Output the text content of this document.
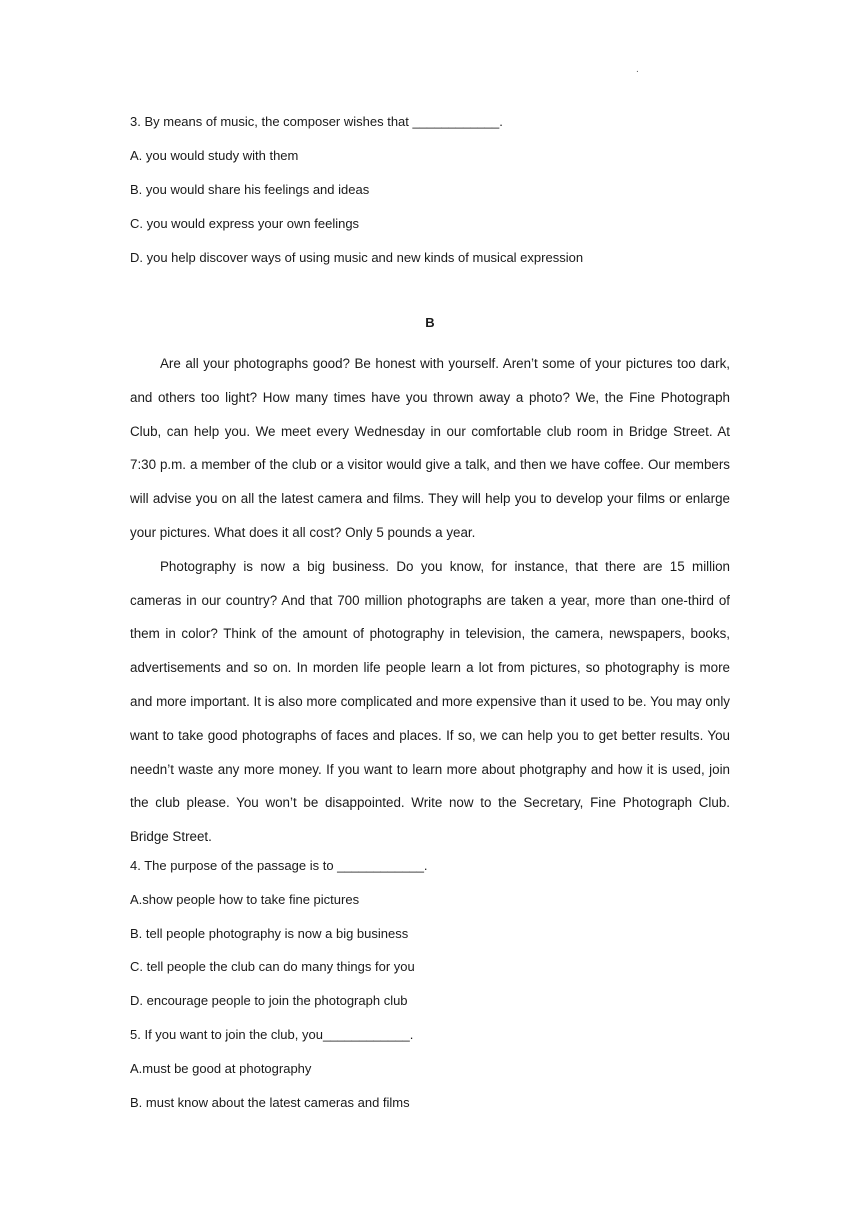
.
3. By means of music, the composer wishes that ____________.
A. you would study with them
B. you would share his feelings and ideas
C. you would express your own feelings
D. you help discover ways of using music and new kinds of musical expression
B

Are all your photographs good? Be honest with yourself. Aren’t some of your pictures too dark, and others too light? How many times have you thrown away a photo? We, the Fine Photograph Club, can help you. We meet every Wednesday in our comfortable club room in Bridge Street. At 7:30 p.m. a member of the club or a visitor would give a talk, and then we have coffee. Our members will advise you on all the latest camera and films. They will help you to develop your films or enlarge your pictures. What does it all cost? Only 5 pounds a year.

Photography is now a big business. Do you know, for instance, that there are 15 million cameras in our country? And that 700 million photographs are taken a year, more than one-third of them in color? Think of the amount of photography in television, the camera, newspapers, books, advertisements and so on. In morden life people learn a lot from pictures, so photography is more and more important. It is also more complicated and more expensive than it used to be. You may only want to take good photographs of faces and places. If so, we can help you to get better results. You needn’t waste any more money. If you want to learn more about photgraphy and how it is used, join the club please. You won’t be disappointed. Write now to the Secretary, Fine Photograph Club. Bridge Street.

4. The purpose of the passage is to ____________.
A.show people how to take fine pictures
B. tell people photography is now a big business
C. tell people the club can do many things for you
D. encourage people to join the photograph club
5. If you want to join the club, you____________.
A.must be good at photography
B. must know about the latest cameras and films
